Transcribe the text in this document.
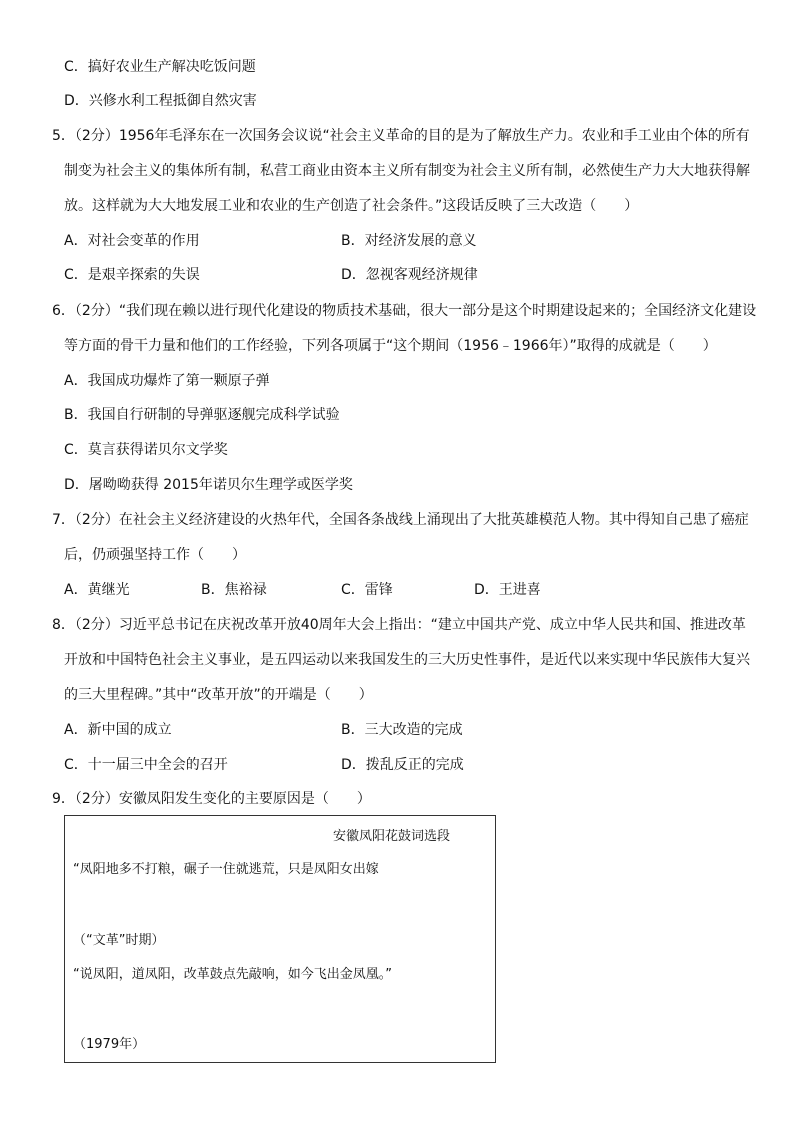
C．搞好农业生产解决吃饭问题
D．兴修水利工程抵御自然灾害
5．（2分）1956年毛泽东在一次国务会议说“社会主义革命的目的是为了解放生产力。农业和手工业由个体的所有
制变为社会主义的集体所有制，私营工商业由资本主义所有制变为社会主义所有制，必然使生产力大大地获得解
放。这样就为大大地发展工业和农业的生产创造了社会条件。”这段话反映了三大改造（　　）
A．对社会变革的作用	B．对经济发展的意义
C．是艰辛探索的失误	D．忽视客观经济规律
6．（2分）“我们现在赖以进行现代化建设的物质技术基础，很大一部分是这个时期建设起来的；全国经济文化建设
等方面的骨干力量和他们的工作经验，下列各项属于“这个期间（1956﹣1966年）”取得的成就是（　　）
A．我国成功爆炸了第一颗原子弹
B．我国自行研制的导弹驱逐舰完成科学试验
C．莫言获得诺贝尔文学奖
D．屠呦呦获得 2015年诺贝尔生理学或医学奖
7．（2分）在社会主义经济建设的火热年代，全国各条战线上涌现出了大批英雄模范人物。其中得知自己患了癌症
后，仍顽强坚持工作（　　）
A．黄继光	B．焦裕禄	C．雷锋	D．王进喜
8．（2分）习近平总书记在庆祝改革开放40周年大会上指出：“建立中国共产党、成立中华人民共和国、推进改革
开放和中国特色社会主义事业，是五四运动以来我国发生的三大历史性事件，是近代以来实现中华民族伟大复兴
的三大里程碑。”其中“改革开放”的开端是（　　）
A．新中国的成立	B．三大改造的完成
C．十一届三中全会的召开	D．拨乱反正的完成
9．（2分）安徽凤阳发生变化的主要原因是（　　）
安徽凤阳花鼓词选段
“凤阳地多不打粮，碾子一住就逃荒，只是凤阳女出嫁
（“文革”时期）
“说凤阳，道凤阳，改革鼓点先敲响，如今飞出金凤凰。”
（1979年）
